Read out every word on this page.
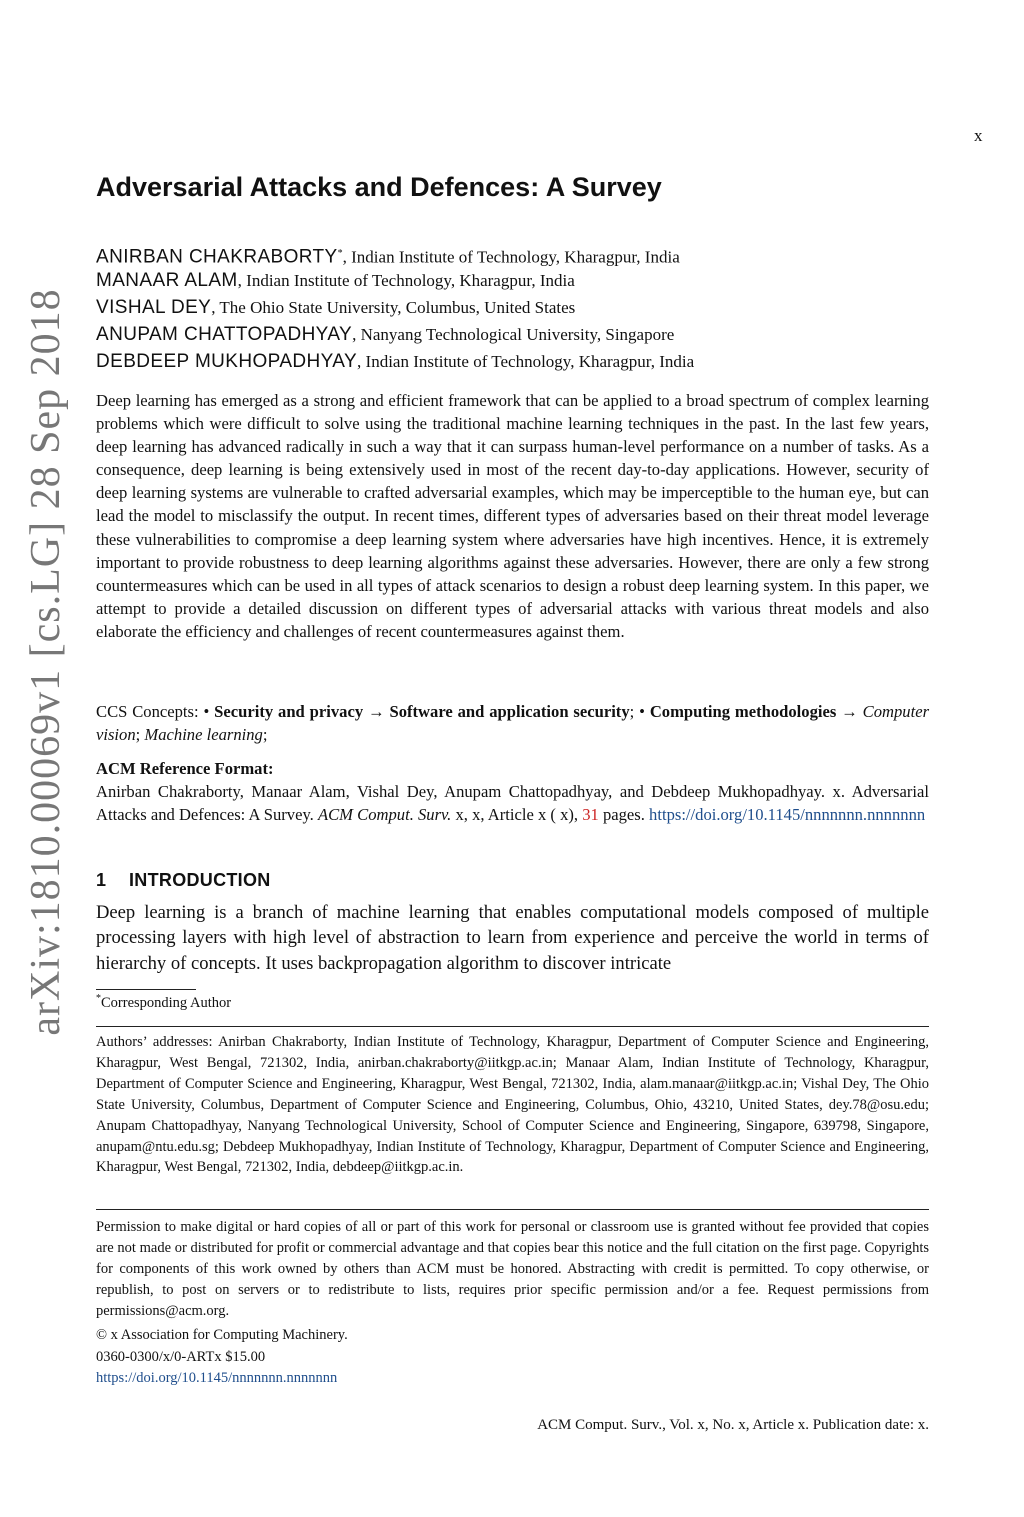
x
arXiv:1810.00069v1 [cs.LG] 28 Sep 2018
Adversarial Attacks and Defences: A Survey
ANIRBAN CHAKRABORTY*, Indian Institute of Technology, Kharagpur, India
MANAAR ALAM, Indian Institute of Technology, Kharagpur, India
VISHAL DEY, The Ohio State University, Columbus, United States
ANUPAM CHATTOPADHYAY, Nanyang Technological University, Singapore
DEBDEEP MUKHOPADHYAY, Indian Institute of Technology, Kharagpur, India
Deep learning has emerged as a strong and efficient framework that can be applied to a broad spectrum of complex learning problems which were difficult to solve using the traditional machine learning techniques in the past. In the last few years, deep learning has advanced radically in such a way that it can surpass human-level performance on a number of tasks. As a consequence, deep learning is being extensively used in most of the recent day-to-day applications. However, security of deep learning systems are vulnerable to crafted adversarial examples, which may be imperceptible to the human eye, but can lead the model to misclassify the output. In recent times, different types of adversaries based on their threat model leverage these vulnerabilities to compromise a deep learning system where adversaries have high incentives. Hence, it is extremely important to provide robustness to deep learning algorithms against these adversaries. However, there are only a few strong countermeasures which can be used in all types of attack scenarios to design a robust deep learning system. In this paper, we attempt to provide a detailed discussion on different types of adversarial attacks with various threat models and also elaborate the efficiency and challenges of recent countermeasures against them.
CCS Concepts: • Security and privacy → Software and application security; • Computing methodologies → Computer vision; Machine learning;
ACM Reference Format:
Anirban Chakraborty, Manaar Alam, Vishal Dey, Anupam Chattopadhyay, and Debdeep Mukhopadhyay. x. Adversarial Attacks and Defences: A Survey. ACM Comput. Surv. x, x, Article x ( x), 31 pages. https://doi.org/10.1145/nnnnnnn.nnnnnnn
1 INTRODUCTION
Deep learning is a branch of machine learning that enables computational models composed of multiple processing layers with high level of abstraction to learn from experience and perceive the world in terms of hierarchy of concepts. It uses backpropagation algorithm to discover intricate
*Corresponding Author
Authors’ addresses: Anirban Chakraborty, Indian Institute of Technology, Kharagpur, Department of Computer Science and Engineering, Kharagpur, West Bengal, 721302, India, anirban.chakraborty@iitkgp.ac.in; Manaar Alam, Indian Institute of Technology, Kharagpur, Department of Computer Science and Engineering, Kharagpur, West Bengal, 721302, India, alam.manaar@iitkgp.ac.in; Vishal Dey, The Ohio State University, Columbus, Department of Computer Science and Engineering, Columbus, Ohio, 43210, United States, dey.78@osu.edu; Anupam Chattopadhyay, Nanyang Technological University, School of Computer Science and Engineering, Singapore, 639798, Singapore, anupam@ntu.edu.sg; Debdeep Mukhopadhyay, Indian Institute of Technology, Kharagpur, Department of Computer Science and Engineering, Kharagpur, West Bengal, 721302, India, debdeep@iitkgp.ac.in.
Permission to make digital or hard copies of all or part of this work for personal or classroom use is granted without fee provided that copies are not made or distributed for profit or commercial advantage and that copies bear this notice and the full citation on the first page. Copyrights for components of this work owned by others than ACM must be honored. Abstracting with credit is permitted. To copy otherwise, or republish, to post on servers or to redistribute to lists, requires prior specific permission and/or a fee. Request permissions from permissions@acm.org.
© x Association for Computing Machinery.
0360-0300/x/0-ARTx $15.00
https://doi.org/10.1145/nnnnnnn.nnnnnnn
ACM Comput. Surv., Vol. x, No. x, Article x. Publication date: x.
